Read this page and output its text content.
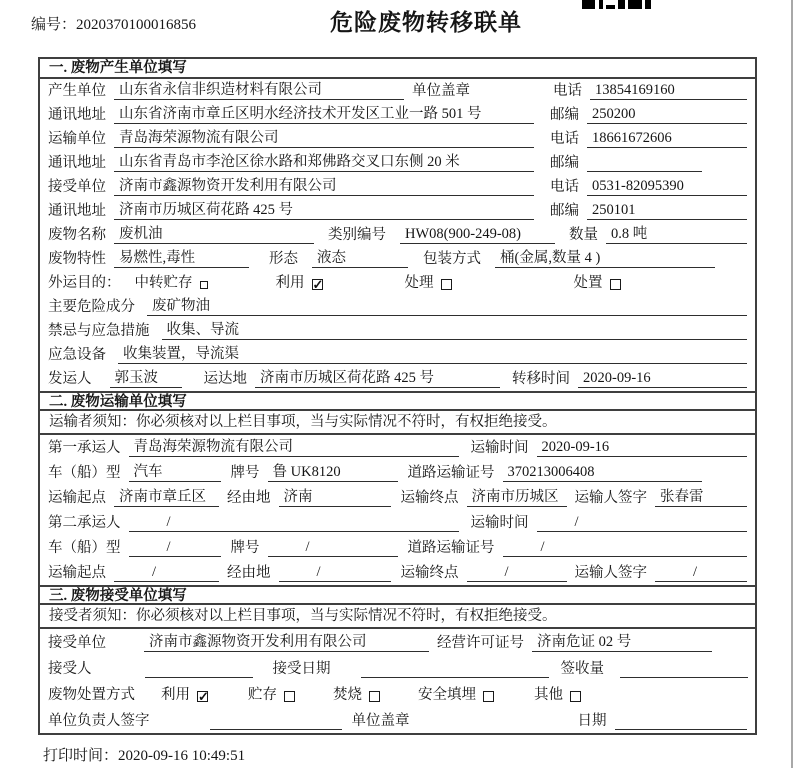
编号：2020370100016856	危险废物转移联单
一. 废物产生单位填写
产生单位 山东省永信非织造材料有限公司	单位盖章	电话 13854169160
通讯地址 山东省济南市章丘区明水经济技术开发区工业一路 501 号	邮编 250200
运输单位 青岛海荣源物流有限公司	电话 18661672606
通讯地址 山东省青岛市李沧区徐水路和郑佛路交叉口东侧 20 米	邮编
接受单位 济南市鑫源物资开发利用有限公司	电话 0531-82095390
通讯地址 济南市历城区荷花路 425 号	邮编 250101
废物名称 废机油	类别编号	HW08(900-249-08)	数量 0.8 吨
废物特性 易燃性,毒性	形态	液态	包装方式	桶(金属,数量 4 )
外运目的： 中转贮存	利用 ✓	处理	处置
主要危险成分	废矿物油
禁忌与应急措施	收集、导流
应急设备	收集装置，导流渠
发运人	郭玉波	运达地 济南市历城区荷花路 425 号	转移时间 2020-09-16
二. 废物运输单位填写
运输者须知：你必须核对以上栏目事项，当与实际情况不符时，有权拒绝接受。
第一承运人 青岛海荣源物流有限公司	运输时间 2020-09-16
车（船）型 汽车	牌号 鲁 UK8120	道路运输证号 370213006408
运输起点 济南市章丘区	经由地 济南	运输终点 济南市历城区	运输人签字 张春雷
第二承运人	/	运输时间	/
车（船）型	/	牌号	/	道路运输证号	/
运输起点	/	经由地	/	运输终点	/	运输人签字	/
三. 废物接受单位填写
接受者须知：你必须核对以上栏目事项，当与实际情况不符时，有权拒绝接受。
接受单位	济南市鑫源物资开发利用有限公司	经营许可证号 济南危证 02 号
接受人	接受日期	签收量
废物处置方式 利用 ✓	贮存	焚烧	安全填埋	其他
单位负责人签字	单位盖章	日期
打印时间：2020-09-16 10:49:51
